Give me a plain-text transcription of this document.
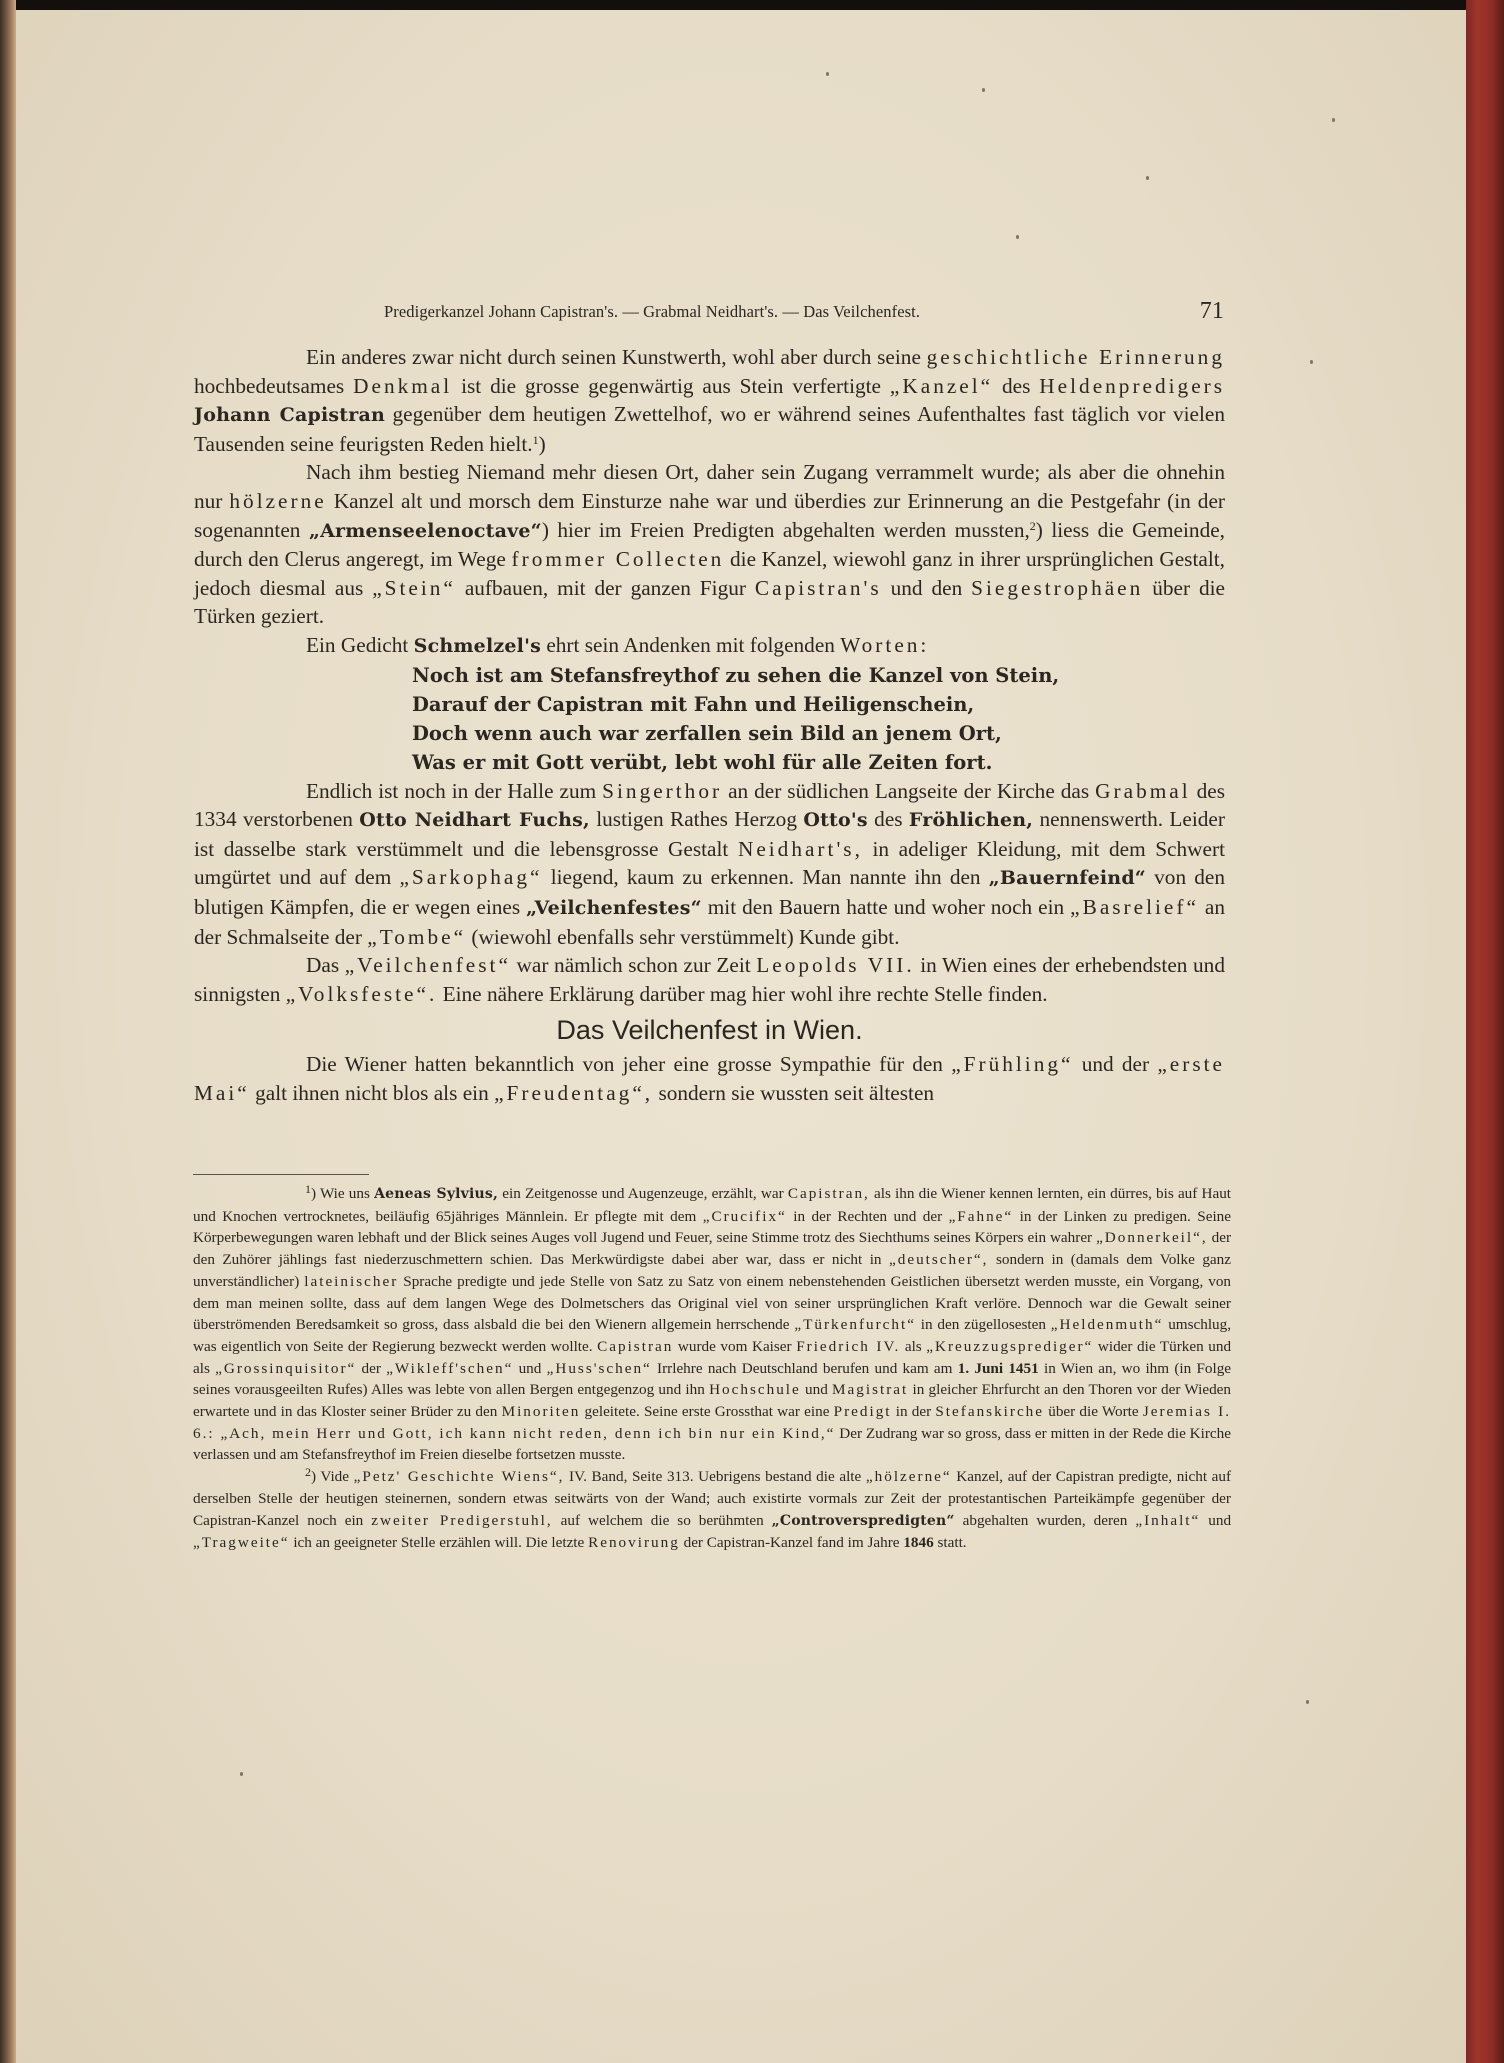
Predigerkanzel Johann Capistran's. — Grabmal Neidhart's. — Das Veilchenfest.	71

Ein anderes zwar nicht durch seinen Kunstwerth, wohl aber durch seine geschichtliche Erinnerung hochbedeutsames Denkmal ist die grosse gegenwärtig aus Stein verfertigte „Kanzel“ des Heldenpredigers Johann Capistran gegenüber dem heutigen Zwettelhof, wo er während seines Aufenthaltes fast täglich vor vielen Tausenden seine feurigsten Reden hielt.$^1$)

Nach ihm bestieg Niemand mehr diesen Ort, daher sein Zugang verrammelt wurde; als aber die ohnehin nur hölzerne Kanzel alt und morsch dem Einsturze nahe war und überdies zur Erinnerung an die Pestgefahr (in der sogenannten „Armenseelenoctave“) hier im Freien Predigten abgehalten werden mussten,$^2$) liess die Gemeinde, durch den Clerus angeregt, im Wege frommer Collecten die Kanzel, wiewohl ganz in ihrer ursprünglichen Gestalt, jedoch diesmal aus „Stein“ aufbauen, mit der ganzen Figur Capistran's und den Siegestrophäen über die Türken geziert.

Ein Gedicht Schmelzel's ehrt sein Andenken mit folgenden Worten:

Noch ist am Stefansfreythof zu sehen die Kanzel von Stein,
Darauf der Capistran mit Fahn und Heiligenschein,
Doch wenn auch war zerfallen sein Bild an jenem Ort,
Was er mit Gott verübt, lebt wohl für alle Zeiten fort.

Endlich ist noch in der Halle zum Singerthor an der südlichen Langseite der Kirche das Grabmal des 1334 verstorbenen Otto Neidhart Fuchs, lustigen Rathes Herzog Otto's des Fröhlichen, nennenswerth. Leider ist dasselbe stark verstümmelt und die lebensgrosse Gestalt Neidhart's, in adeliger Kleidung, mit dem Schwert umgürtet und auf dem „Sarkophag“ liegend, kaum zu erkennen. Man nannte ihn den „Bauernfeind“ von den blutigen Kämpfen, die er wegen eines „Veilchenfestes“ mit den Bauern hatte und woher noch ein „Basrelief“ an der Schmalseite der „Tombe“ (wiewohl ebenfalls sehr verstümmelt) Kunde gibt.

Das „Veilchenfest“ war nämlich schon zur Zeit Leopolds VII. in Wien eines der erhebendsten und sinnigsten „Volksfeste“. Eine nähere Erklärung darüber mag hier wohl ihre rechte Stelle finden.

Das Veilchenfest in Wien.

Die Wiener hatten bekanntlich von jeher eine grosse Sympathie für den „Frühling“ und der „erste Mai“ galt ihnen nicht blos als ein „Freudentag“, sondern sie wussten seit ältesten

$^1$) Wie uns Aeneas Sylvius, ein Zeitgenosse und Augenzeuge, erzählt, war Capistran, als ihn die Wiener kennen lernten, ein dürres, bis auf Haut und Knochen vertrocknetes, beiläufig 65jähriges Männlein. Er pflegte mit dem „Crucifix“ in der Rechten und der „Fahne“ in der Linken zu predigen. Seine Körperbewegungen waren lebhaft und der Blick seines Auges voll Jugend und Feuer, seine Stimme trotz des Siechthums seines Körpers ein wahrer „Donnerkeil“, der den Zuhörer jählings fast niederzuschmettern schien. Das Merkwürdigste dabei aber war, dass er nicht in „deutscher“, sondern in (damals dem Volke ganz unverständlicher) lateinischer Sprache predigte und jede Stelle von Satz zu Satz von einem nebenstehenden Geistlichen übersetzt werden musste, ein Vorgang, von dem man meinen sollte, dass auf dem langen Wege des Dolmetschers das Original viel von seiner ursprünglichen Kraft verlöre. Dennoch war die Gewalt seiner überströmenden Beredsamkeit so gross, dass alsbald die bei den Wienern allgemein herrschende „Türkenfurcht“ in den zügellosesten „Heldenmuth“ umschlug, was eigentlich von Seite der Regierung bezweckt werden wollte. Capistran wurde vom Kaiser Friedrich IV. als „Kreuzzugsprediger“ wider die Türken und als „Grossinquisitor“ der „Wikleff'schen“ und „Huss'schen“ Irrlehre nach Deutschland berufen und kam am 1. Juni 1451 in Wien an, wo ihm (in Folge seines vorausgeeilten Rufes) Alles was lebte von allen Bergen entgegenzog und ihn Hochschule und Magistrat in gleicher Ehrfurcht an den Thoren vor der Wieden erwartete und in das Kloster seiner Brüder zu den Minoriten geleitete. Seine erste Grossthat war eine Predigt in der Stefanskirche über die Worte Jeremias I. 6.: „Ach, mein Herr und Gott, ich kann nicht reden, denn ich bin nur ein Kind,“ Der Zudrang war so gross, dass er mitten in der Rede die Kirche verlassen und am Stefansfreythof im Freien dieselbe fortsetzen musste.

$^2$) Vide „Petz' Geschichte Wiens“, IV. Band, Seite 313. Uebrigens bestand die alte „hölzerne“ Kanzel, auf der Capistran predigte, nicht auf derselben Stelle der heutigen steinernen, sondern etwas seitwärts von der Wand; auch existirte vormals zur Zeit der protestantischen Parteikämpfe gegenüber der Capistran-Kanzel noch ein zweiter Predigerstuhl, auf welchem die so berühmten „Controverspredigten“ abgehalten wurden, deren „Inhalt“ und „Tragweite“ ich an geeigneter Stelle erzählen will. Die letzte Renovirung der Capistran-Kanzel fand im Jahre 1846 statt.
